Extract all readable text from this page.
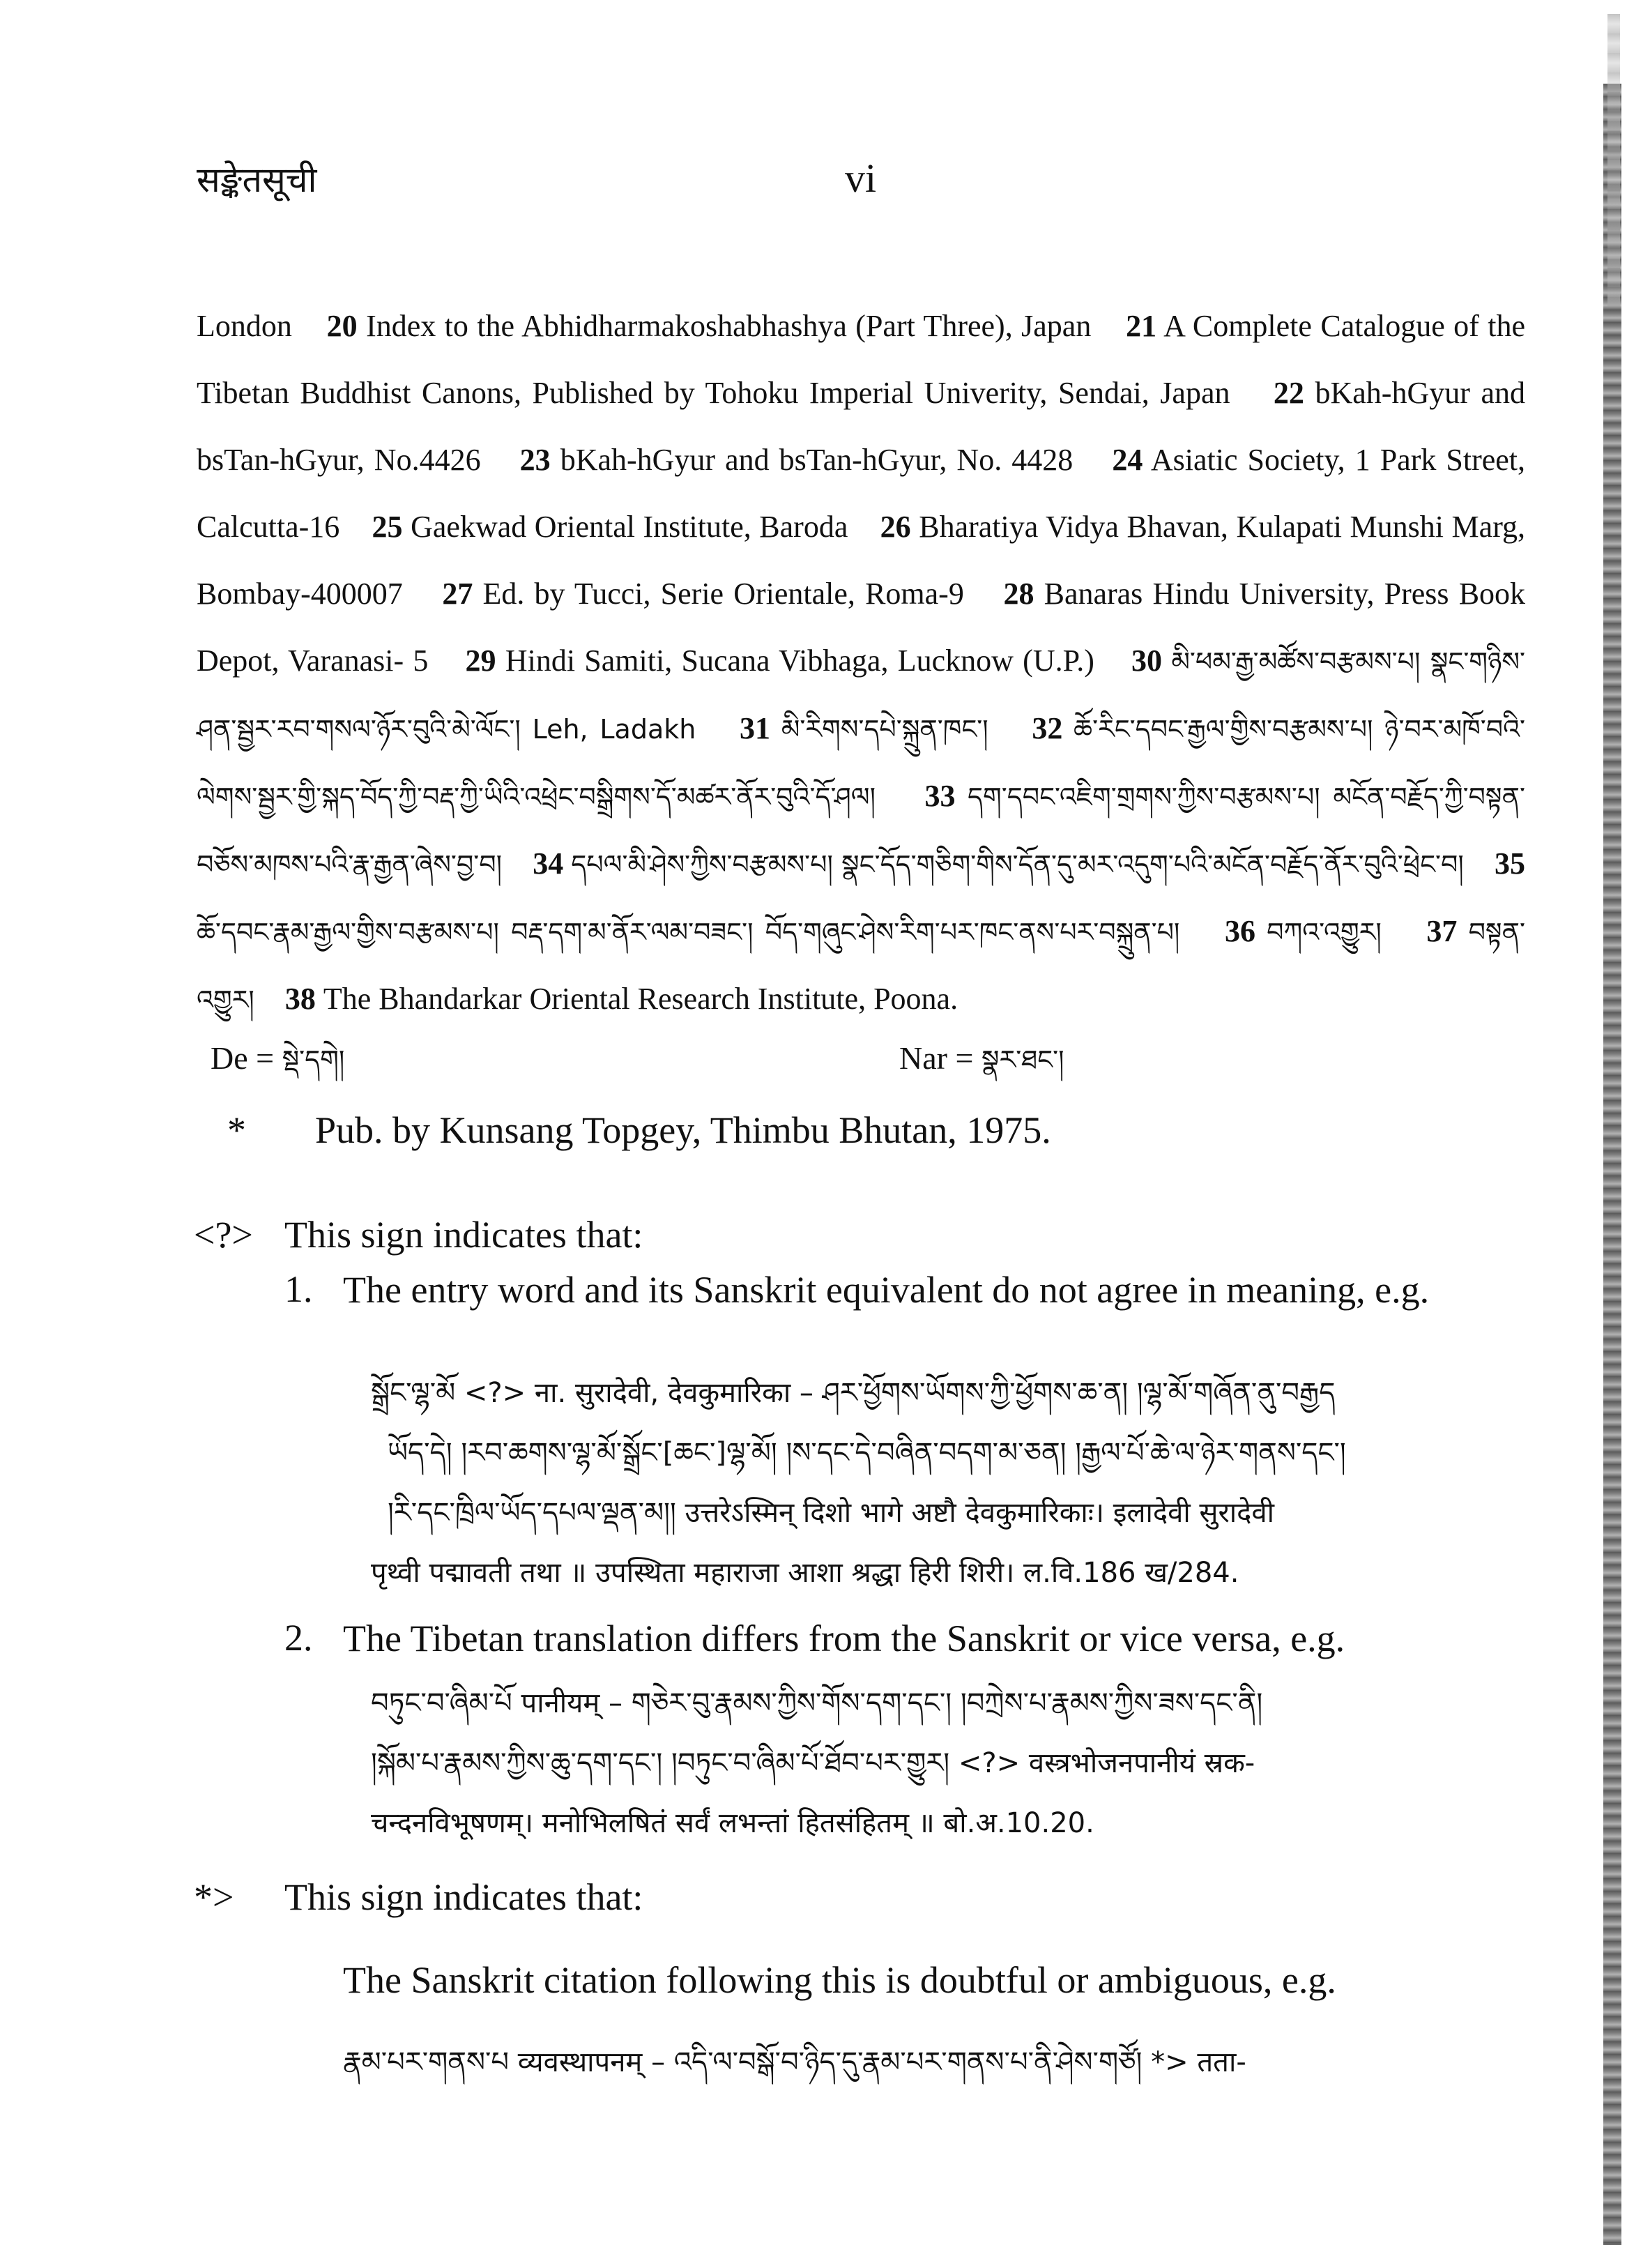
सङ्केतसूची	vi
London 20 Index to the Abhidharmakoshabhashya (Part Three), Japan 21 A Complete Catalogue of the Tibetan Buddhist Canons, Published by Tohoku Imperial Univerity, Sendai, Japan 22 bKah-hGyur and bsTan-hGyur, No.4426 23 bKah-hGyur and bsTan-hGyur, No. 4428 24 Asiatic Society, 1 Park Street, Calcutta-16 25 Gaekwad Oriental Institute, Baroda 26 Bharatiya Vidya Bhavan, Kulapati Munshi Marg, Bombay-400007 27 Ed. by Tucci, Serie Orientale, Roma-9 28 Banaras Hindu University, Press Book Depot, Varanasi- 5 29 Hindi Samiti, Sucana Vibhaga, Lucknow (U.P.) 30 མི་ཕམ་རྒྱ་མཚོས་བརྩམས་པ། སྣང་གཉིས་ཤན་སྦྱར་རབ་གསལ་ཉོར་བུའི་མེ་ལོང་། Leh, Ladakh 31 མི་རིགས་དཔེ་སྐྲུན་ཁང་། 32 ཆོ་རིང་དབང་རྒྱལ་གྱིས་བརྩམས་པ། ཉེ་བར་མཁོ་བའི་ལེགས་སྦྱར་གྱི་སྐད་བོད་ཀྱི་བརྡ་ཀྱི་ཡིའི་འཕྲེང་བསྒྲིགས་དོ་མཚར་ནོར་བུའི་དོ་ཤལ། 33 དག་དབང་འཇིག་གྲགས་ཀྱིས་བརྩམས་པ། མངོན་བརྗོད་ཀྱི་བསྟན་བཅོས་མཁས་པའི་རྣ་རྒྱན་ཞེས་བྱ་བ། 34 དཔལ་མི་ཤེས་ཀྱིས་བརྩམས་པ། སྣང་དོད་གཅིག་གིས་དོན་དུ་མར་འདུག་པའི་མངོན་བརྗོད་ནོར་བུའི་ཕྲེང་བ། 35 ཆོ་དབང་རྣམ་རྒྱལ་གྱིས་བརྩམས་པ། བརྡ་དག་མ་ནོར་ལམ་བཟང་། བོད་གཞུང་ཤེས་རིག་པར་ཁང་ནས་པར་བསྐྲུན་པ། 36 བཀའ་འགྱུར། 37 བསྟན་འགྱུར། 38 The Bhandarkar Oriental Research Institute, Poona.
De = སྡེ་དགེ།	Nar = སྣར་ཐང་།
* Pub. by Kunsang Topgey, Thimbu Bhutan, 1975.
<?> This sign indicates that:
1. The entry word and its Sanskrit equivalent do not agree in meaning, e.g.
སྒྲོང་ལྷ་མོ <?> ना. सुरादेवी, देवकुमारिका – ཤར་ཕྱོགས་ཡོགས་ཀྱི་ཕྱོགས་ཆ་ན། །ལྷ་མོ་གཞོན་ནུ་བརྒྱད
ཡོད་དེ། །རབ་ཆགས་ལྷ་མོ་སྒྲོང་[ཆང་]ལྷ་མོ། །ས་དང་དེ་བཞིན་བདག་མ་ཅན། །རྒྱལ་པོ་ཆེ་ལ་ཉེར་གནས་དང་།
།རི་དང་ཁྲིལ་ཡོད་དཔལ་ལྡན་མ།། उत्तरेऽस्मिन् दिशो भागे अष्टौ देवकुमारिकाः। इलादेवी सुरादेवी
पृथ्वी पद्मावती तथा ॥ उपस्थिता महाराजा आशा श्रद्धा हिरी शिरी। ल.वि.186 ख/284.
2. The Tibetan translation differs from the Sanskrit or vice versa, e.g.
བཏུང་བ་ཞིམ་པོ पानीयम् – གཅེར་བུ་རྣམས་ཀྱིས་གོས་དག་དང་། །བཀྲེས་པ་རྣམས་ཀྱིས་ཟས་དང་ནི།
།སྐོམ་པ་རྣམས་ཀྱིས་ཆུ་དག་དང་། །བཏུང་བ་ཞིམ་པོ་ཐོབ་པར་གྱུར། <?> वस्त्रभोजनपानीयं स्रक-
चन्दनविभूषणम्। मनोभिलषितं सर्वं लभन्तां हितसंहितम् ॥ बो.अ.10.20.
*> This sign indicates that:
The Sanskrit citation following this is doubtful or ambiguous, e.g.
རྣམ་པར་གནས་པ व्यवस्थापनम् – འདི་ལ་བསྒོ་བ་ཉིད་དུ་རྣམ་པར་གནས་པ་ནི་ཤེས་གཙོ། *> तता-
